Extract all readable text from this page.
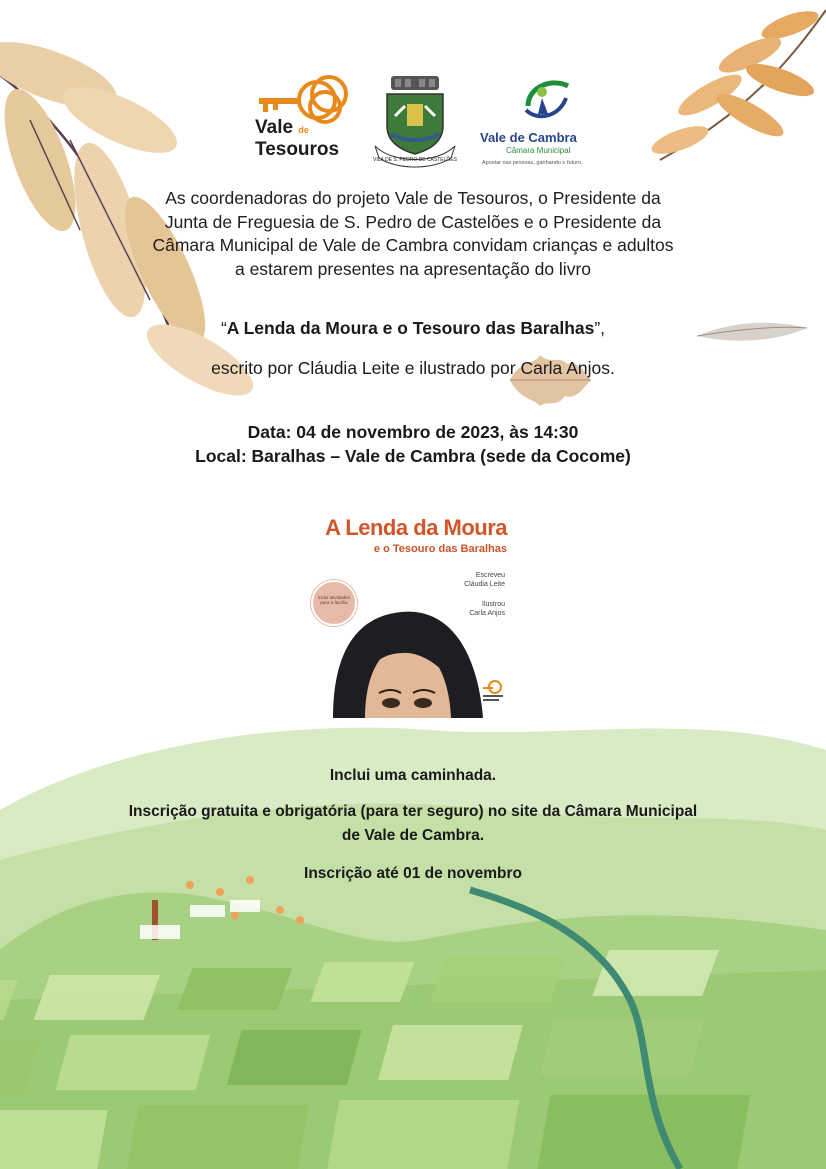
Vale de
Tesouros	VILA DE S. PEDRO DE CASTELÕES
Vale de Cambra
Câmara Municipal
Apostar nas pessoas, ganhando o futuro.
As coordenadoras do projeto Vale de Tesouros, o Presidente da
Junta de Freguesia de S. Pedro de Castelões e o Presidente da
Câmara Municipal de Vale de Cambra convidam crianças e adultos
a estarem presentes na apresentação do livro
“A Lenda da Moura e o Tesouro das Baralhas”,
escrito por Cláudia Leite e ilustrado por Carla Anjos.
Data: 04 de novembro de 2023, às 14:30
Local: Baralhas – Vale de Cambra (sede da Cocome)
A Lenda da Moura
e o Tesouro das Baralhas
Escreveu
Cláudia Leite
Ilustrou
Carla Anjos
inclui atividades para a família
Inclui uma caminhada.
Inscrição gratuita e obrigatória (para ter seguro) no site da Câmara Municipal
de Vale de Cambra.
Inscrição até 01 de novembro
